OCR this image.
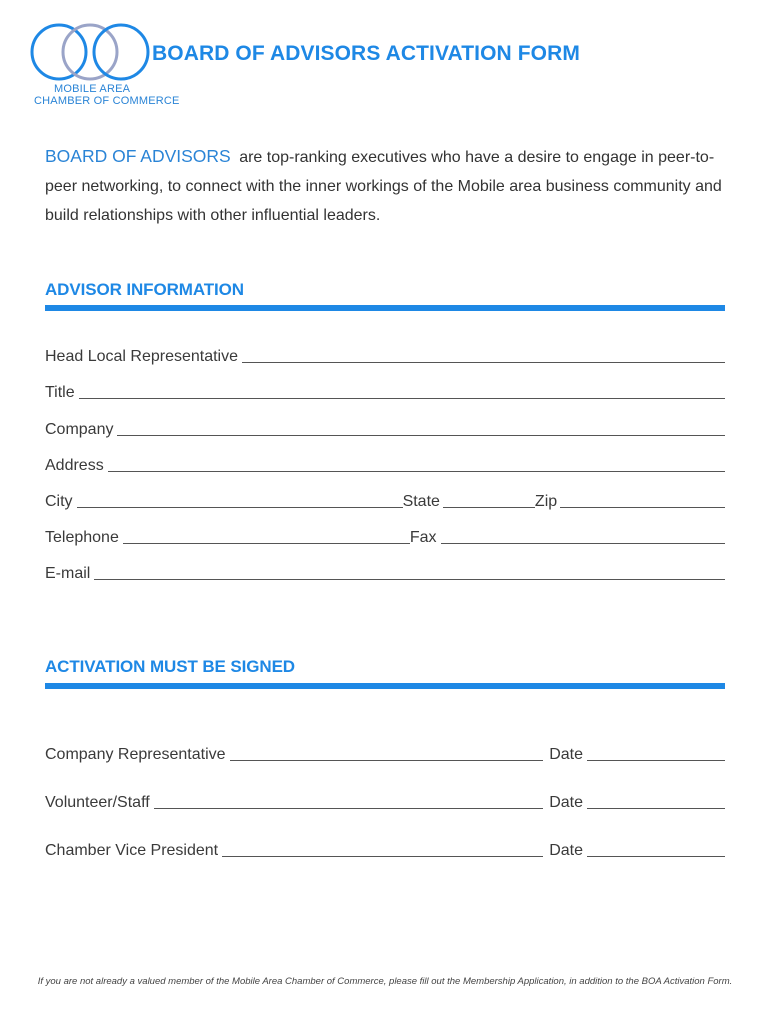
MOBILE AREA
CHAMBER OF COMMERCE
BOARD OF ADVISORS ACTIVATION FORM

BOARD OF ADVISORS are top-ranking executives who have a desire to engage in peer-to-peer networking, to connect with the inner workings of the Mobile area business community and build relationships with other influential leaders.

ADVISOR INFORMATION
Head Local Representative
Title
Company
Address
City	State	Zip
Telephone	Fax
E-mail
ACTIVATION MUST BE SIGNED
Company Representative	Date
Volunteer/Staff	Date
Chamber Vice President	Date

If you are not already a valued member of the Mobile Area Chamber of Commerce, please fill out the Membership Application, in addition to the BOA Activation Form.
